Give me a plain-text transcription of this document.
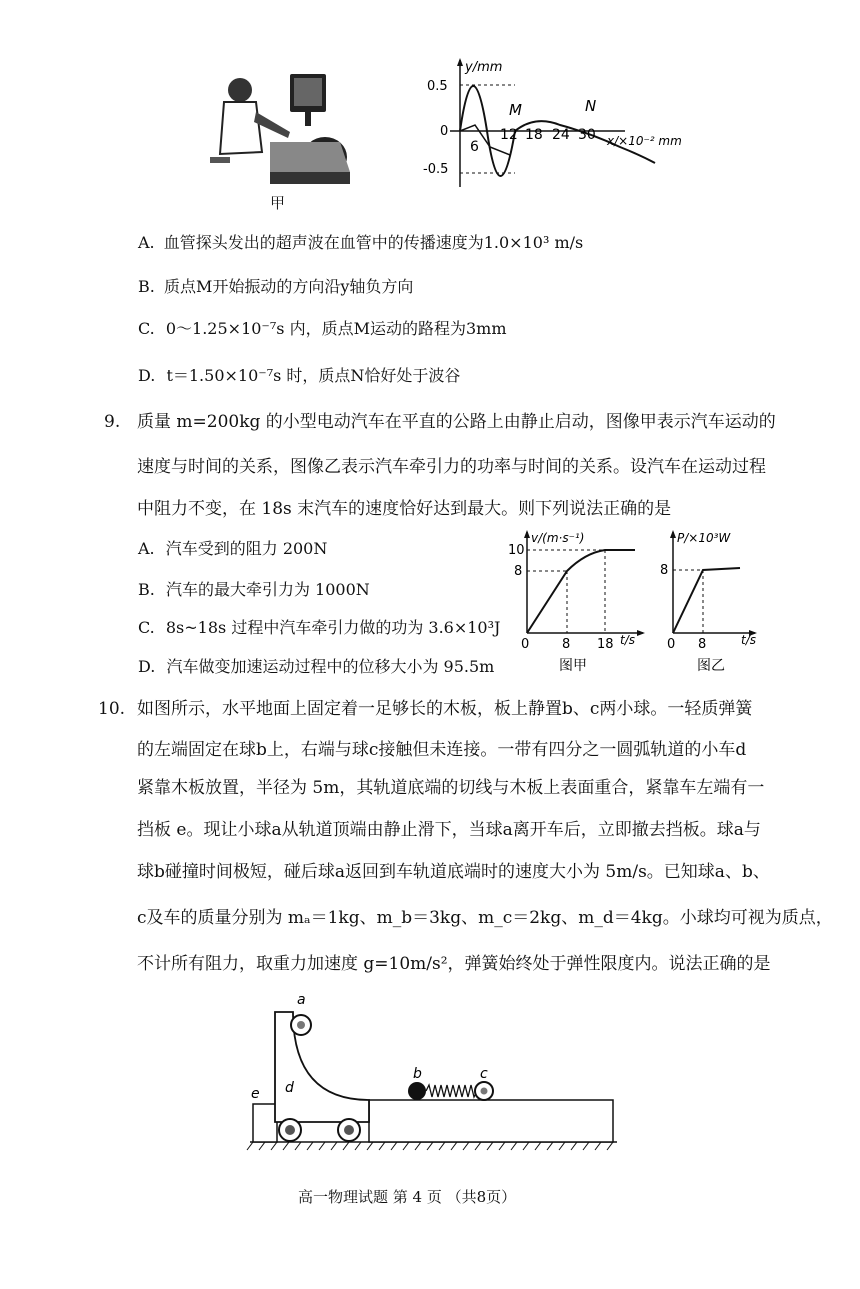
甲
y/mm
0.5
0
-0.5
6
12 18 24 30 x/×10⁻² mm
M	N
A. 血管探头发出的超声波在血管中的传播速度为1.0×10³ m/s
B. 质点M开始振动的方向沿y轴负方向
C. 0～1.25×10⁻⁷s 内，质点M运动的路程为3mm
D. t＝1.50×10⁻⁷s 时，质点N恰好处于波谷
9. 质量 m=200kg 的小型电动汽车在平直的公路上由静止启动，图像甲表示汽车运动的
速度与时间的关系，图像乙表示汽车牵引力的功率与时间的关系。设汽车在运动过程
中阻力不变，在 18s 末汽车的速度恰好达到最大。则下列说法正确的是
A. 汽车受到的阻力 200N
B. 汽车的最大牵引力为 1000N
C. 8s~18s 过程中汽车牵引力做的功为 3.6×10³J
D. 汽车做变加速运动过程中的位移大小为 95.5m
v/(m·s⁻¹)
10
8
0	8 18 t/s
图甲
P/×10³W
8
0 8	t/s
图乙
10. 如图所示，水平地面上固定着一足够长的木板，板上静置b、c两小球。一轻质弹簧
的左端固定在球b上，右端与球c接触但未连接。一带有四分之一圆弧轨道的小车d
紧靠木板放置，半径为 5m，其轨道底端的切线与木板上表面重合，紧靠车左端有一
挡板 e。现让小球a从轨道顶端由静止滑下，当球a离开车后，立即撤去挡板。球a与
球b碰撞时间极短，碰后球a返回到车轨道底端时的速度大小为 5m/s。已知球a、b、
c及车的质量分别为 mₐ＝1kg、m_b＝3kg、m_c＝2kg、m_d＝4kg。小球均可视为质点，
不计所有阻力，取重力加速度 g=10m/s²，弹簧始终处于弹性限度内。说法正确的是
a
b	c
d
e
高一物理试题 第 4 页 （共8页）
